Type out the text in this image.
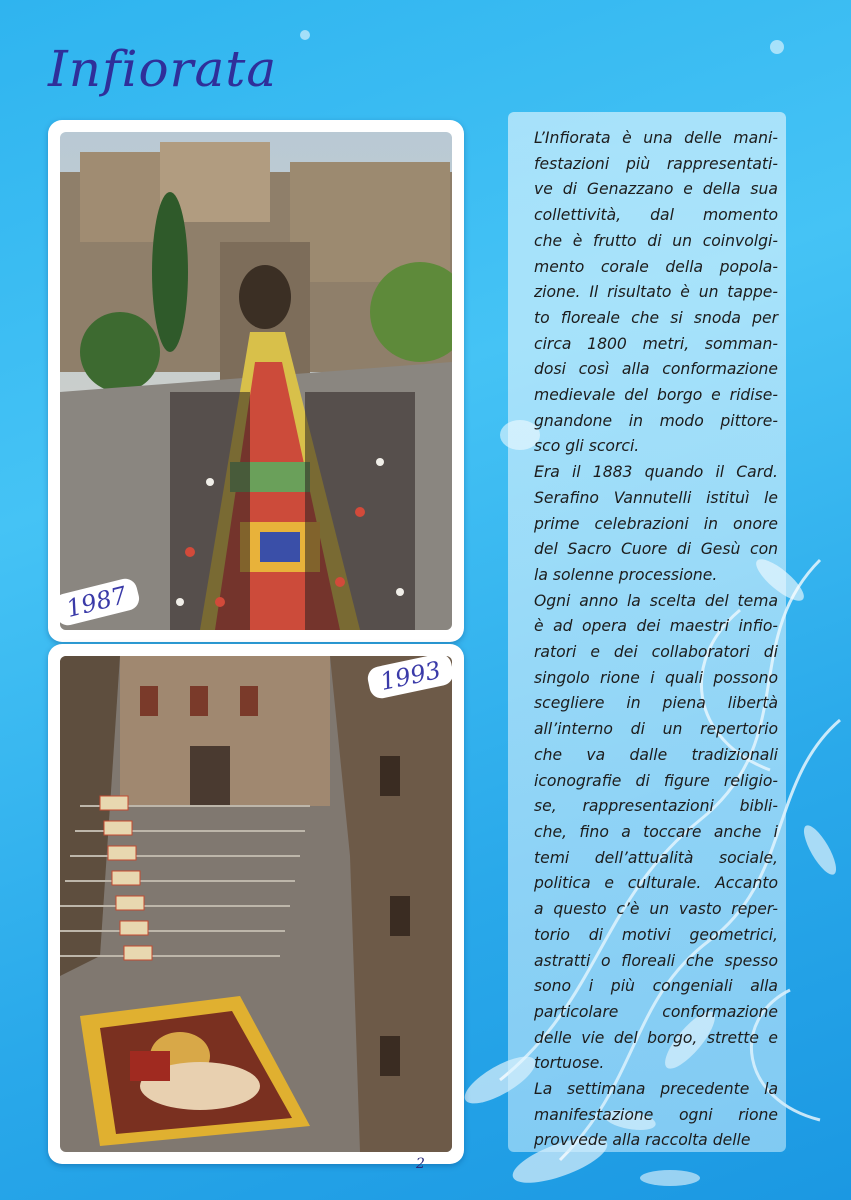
Infiorata
1987
1993
L’Infiorata è una delle mani-
festazioni più rappresentati-
ve di Genazzano e della sua
collettività, dal momento
che è frutto di un coinvolgi-
mento corale della popola-
zione. Il risultato è un tappe-
to floreale che si snoda per
circa 1800 metri, somman-
dosi così alla conformazione
medievale del borgo e ridise-
gnandone in modo pittore-
sco gli scorci.
Era il 1883 quando il Card.
Serafino Vannutelli istituì le
prime celebrazioni in onore
del Sacro Cuore di Gesù con
la solenne processione.
Ogni anno la scelta del tema
è ad opera dei maestri infio-
ratori e dei collaboratori di
singolo rione i quali possono
scegliere in piena libertà
all’interno di un repertorio
che va dalle tradizionali
iconografie di figure religio-
se, rappresentazioni bibli-
che, fino a toccare anche i
temi dell’attualità sociale,
politica e culturale. Accanto
a questo c’è un vasto reper-
torio di motivi geometrici,
astratti o floreali che spesso
sono i più congeniali alla
particolare conformazione
delle vie del borgo, strette e
tortuose.
La settimana precedente la
manifestazione ogni rione
provvede alla raccolta delle
2
